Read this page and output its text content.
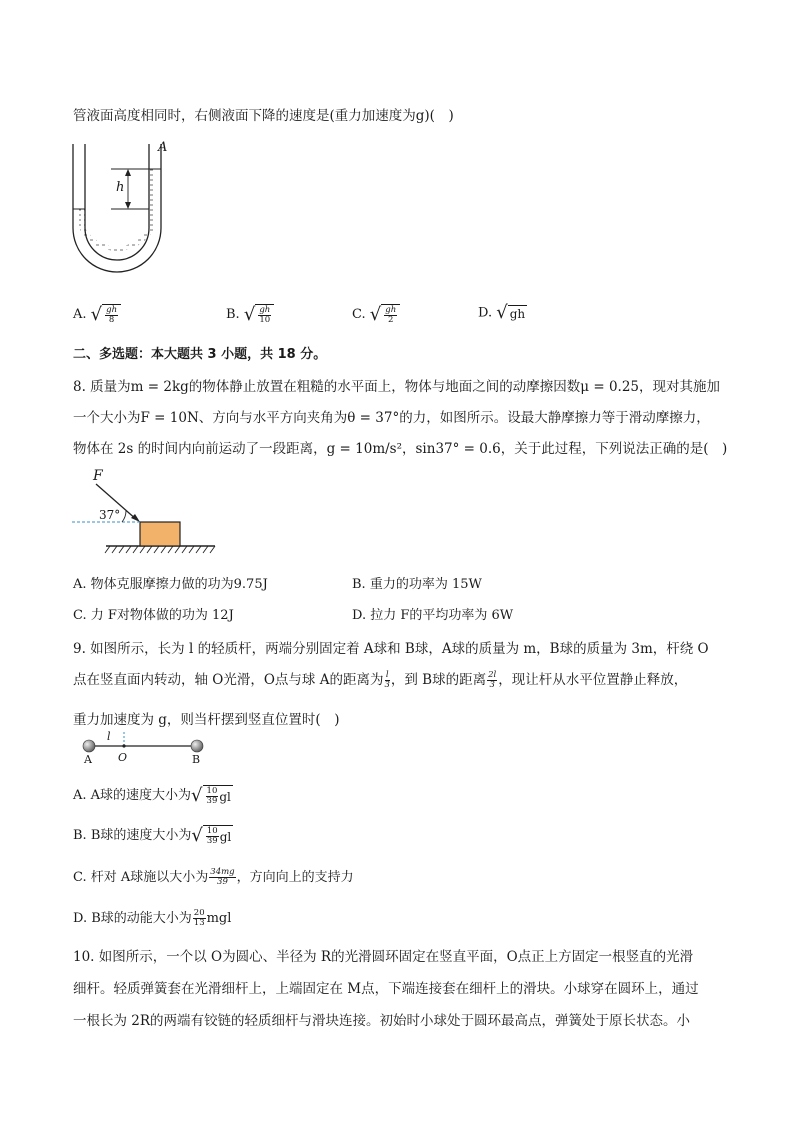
管液面高度相同时，右侧液面下降的速度是(重力加速度为g)(　)
A
h
A. √ $\frac{gh}{8}$	B. √ $\frac{gh}{10}$	C. √ $\frac{gh}{2}$	D. √ gh
二、多选题：本大题共 3 小题，共 18 分。
8. 质量为m = 2kg的物体静止放置在粗糙的水平面上，物体与地面之间的动摩擦因数μ = 0.25，现对其施加
一个大小为F = 10N、方向与水平方向夹角为θ = 37°的力，如图所示。设最大静摩擦力等于滑动摩擦力，
物体在 2s 的时间内向前运动了一段距离，g = 10m/s²，sin37° = 0.6，关于此过程，下列说法正确的是(　)
F
37°
A. 物体克服摩擦力做的功为9.75J	B. 重力的功率为 15W
C. 力 F对物体做的功为 12J	D. 拉力 F的平均功率为 6W
9. 如图所示，长为 l 的轻质杆，两端分别固定着 A球和 B球，A球的质量为 m，B球的质量为 3m，杆绕 O
点在竖直面内转动，轴 O光滑，O点与球 A的距离为 $\frac{l}{3}$ ，到 B球的距离 $\frac{2l}{3}$ ，现让杆从水平位置静止释放，
重力加速度为 g，则当杆摆到竖直位置时(　)
l
A O	B
A. A球的速度大小为 √ $\frac{10}{39}$ gl
B. B球的速度大小为 √ $\frac{10}{39}$ gl
C. 杆对 A球施以大小为 $\frac{34mg}{39}$ ，方向向上的支持力
D. B球的动能大小为 $\frac{20}{13}$ mgl
10. 如图所示，一个以 O为圆心、半径为 R的光滑圆环固定在竖直平面，O点正上方固定一根竖直的光滑
细杆。轻质弹簧套在光滑细杆上，上端固定在 M点，下端连接套在细杆上的滑块。小球穿在圆环上，通过
一根长为 2R的两端有铰链的轻质细杆与滑块连接。初始时小球处于圆环最高点，弹簧处于原长状态。小
